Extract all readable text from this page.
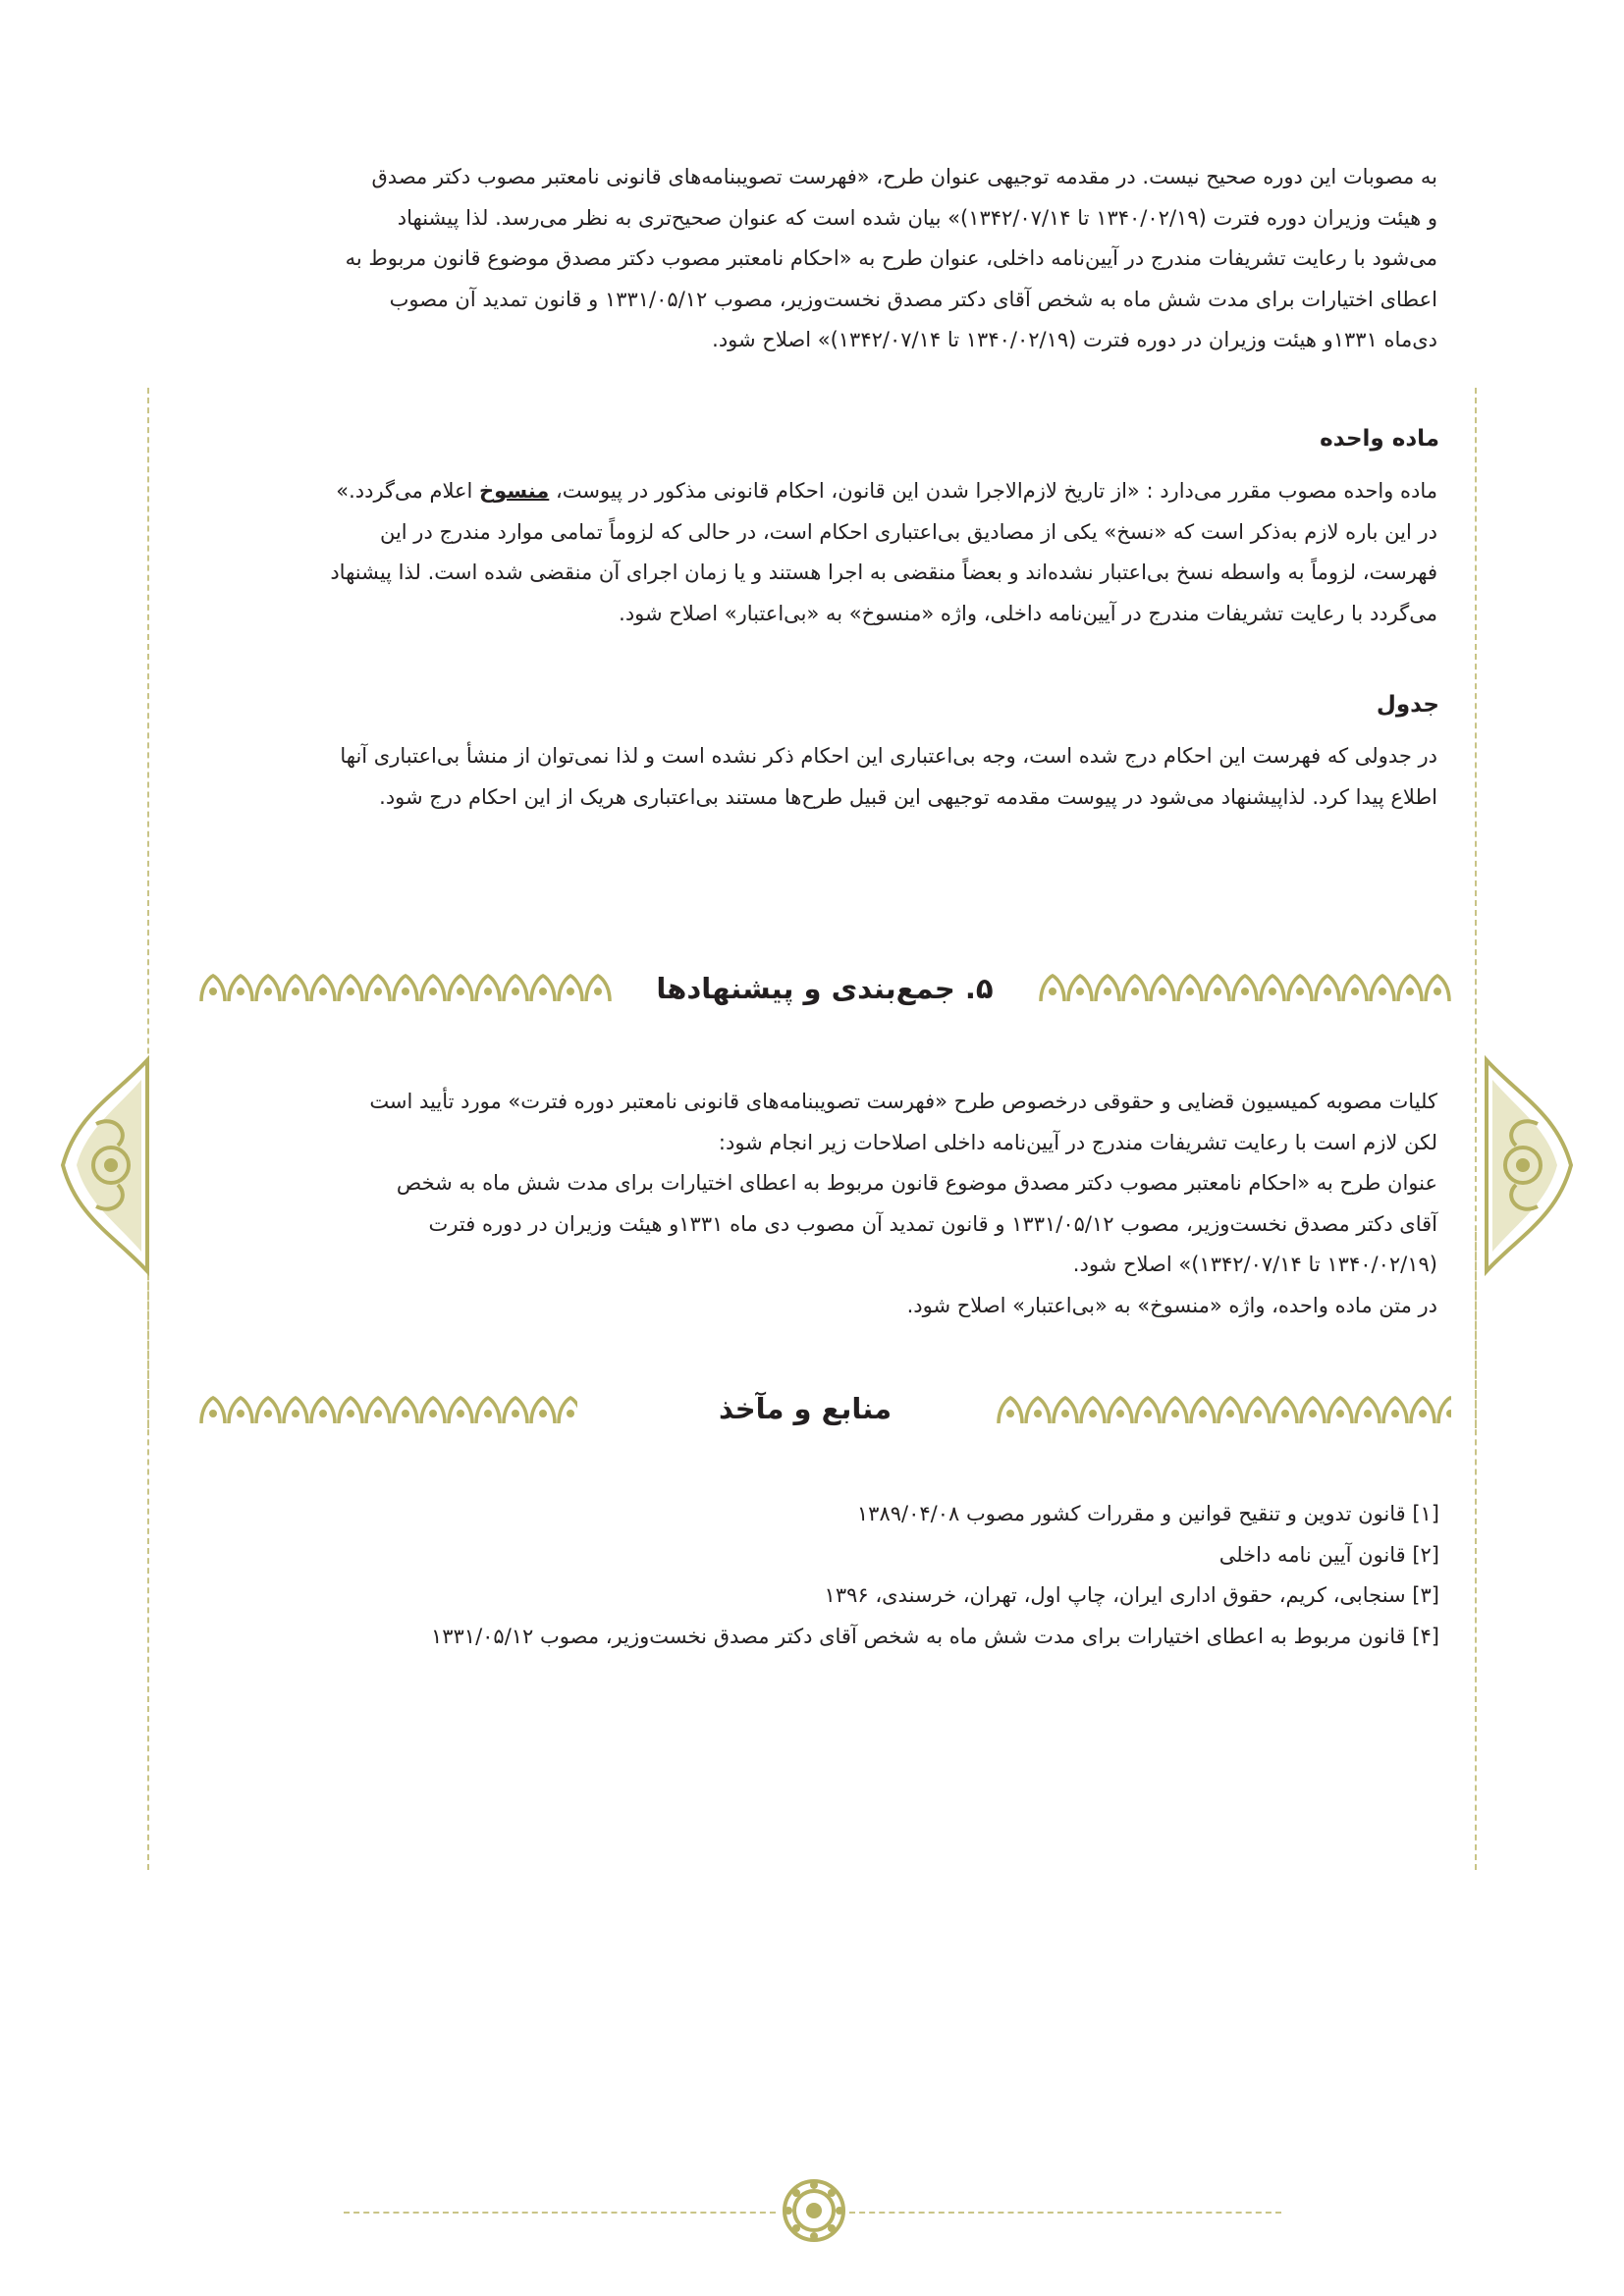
به مصوبات این دوره صحیح نیست. در مقدمه توجیهی عنوان طرح، «فهرست تصویبنامه‌های قانونی نامعتبر مصوب دکتر مصدق

و هیئت وزیران دوره فترت (۱۳۴۰/۰۲/۱۹ تا ۱۳۴۲/۰۷/۱۴)» بیان شده است که عنوان صحیح‌تری به نظر می‌رسد. لذا پیشنهاد

می‌شود با رعایت تشریفات مندرج در آیین‌نامه داخلی، عنوان طرح به «احکام نامعتبر مصوب دکتر مصدق موضوع قانون مربوط به

اعطای اختیارات برای مدت شش ماه به شخص آقای دکتر مصدق نخست‌وزیر، مصوب ۱۳۳۱/۰۵/۱۲ و قانون تمدید آن مصوب

دی‌ماه ۱۳۳۱و هیئت وزیران در دوره فترت (۱۳۴۰/۰۲/۱۹ تا ۱۳۴۲/۰۷/۱۴)» اصلاح شود.

ماده واحده

ماده واحده مصوب مقرر می‌دارد : «از تاریخ لازم‌الاجرا شدن این قانون، احکام قانونی مذکور در پیوست، منسوخ اعلام می‌گردد.»

در این باره لازم به‌ذکر است که «نسخ» یکی از مصادیق بی‌اعتباری احکام است، در حالی که لزوماً تمامی موارد مندرج در این

فهرست، لزوماً به واسطه نسخ بی‌اعتبار نشده‌اند و بعضاً منقضی به اجرا هستند و یا زمان اجرای آن منقضی شده است. لذا پیشنهاد

می‌گردد با رعایت تشریفات مندرج در آیین‌نامه داخلی، واژه «منسوخ» به «بی‌اعتبار» اصلاح شود.

جدول

در جدولی که فهرست این احکام درج شده است، وجه بی‌اعتباری این احکام ذکر نشده است و لذا نمی‌توان از منشأ بی‌اعتباری آنها

اطلاع پیدا کرد. لذاپیشنهاد می‌شود در پیوست مقدمه توجیهی این قبیل طرح‌ها مستند بی‌اعتباری هریک از این احکام درج شود.

۵. جمع‌بندی و پیشنهادها

کلیات مصوبه کمیسیون قضایی و حقوقی درخصوص طرح «فهرست تصویبنامه‌های قانونی نامعتبر دوره فترت» مورد تأیید است

لکن لازم است با رعایت تشریفات مندرج در آیین‌نامه داخلی اصلاحات زیر انجام شود:

عنوان طرح به «احکام نامعتبر مصوب دکتر مصدق موضوع قانون مربوط به اعطای اختیارات برای مدت شش ماه به شخص

آقای دکتر مصدق نخست‌وزیر، مصوب ۱۳۳۱/۰۵/۱۲ و قانون تمدید آن مصوب دی ماه ۱۳۳۱و هیئت وزیران در دوره فترت

(۱۳۴۰/۰۲/۱۹ تا ۱۳۴۲/۰۷/۱۴)» اصلاح شود.

در متن ماده واحده، واژه «منسوخ» به «بی‌اعتبار» اصلاح شود.

منابع و مآخذ
[۱] قانون تدوین و تنقیح قوانین و مقررات کشور مصوب ۱۳۸۹/۰۴/۰۸
[۲] قانون آیین نامه داخلی
[۳] سنجابی، کریم، حقوق اداری ایران، چاپ اول، تهران، خرسندی، ۱۳۹۶
[۴] قانون مربوط به اعطای اختیارات برای مدت شش ماه به شخص آقای دکتر مصدق نخست‌وزیر، مصوب ۱۳۳۱/۰۵/۱۲
